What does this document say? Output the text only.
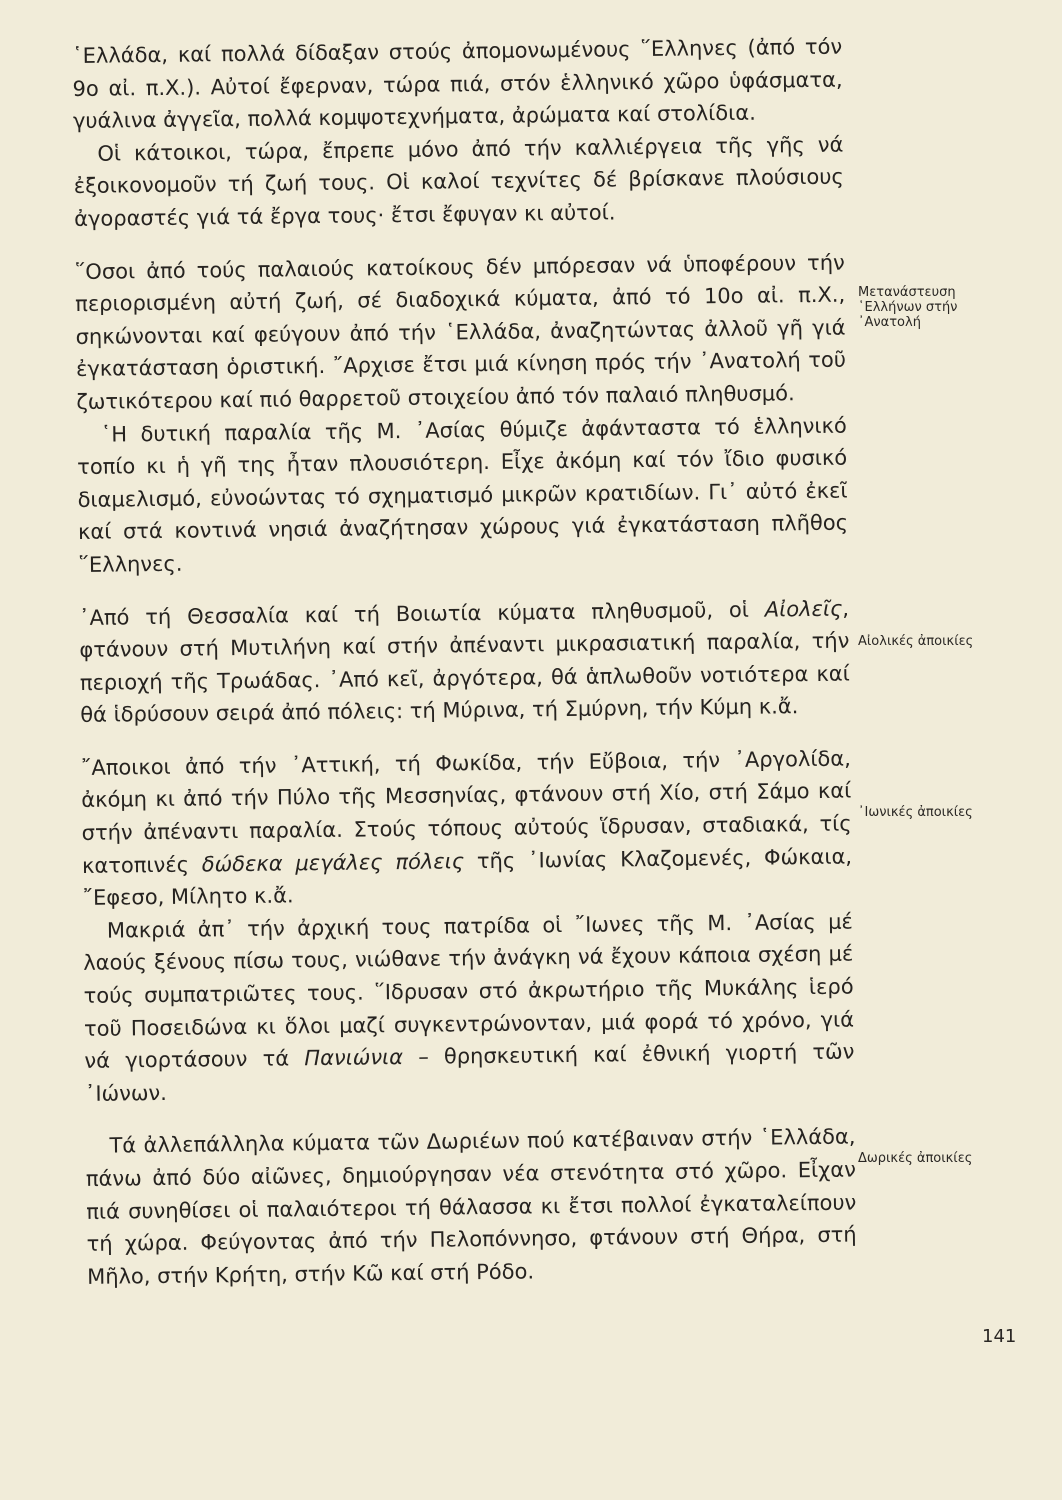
῾Ελλάδα, καί πολλά δίδαξαν στούς ἀπομονωμένους ῞Ελληνες (ἀπό τόν 9ο αἰ. π.Χ.). Αὐτοί ἔφερναν, τώρα πιά, στόν ἑλληνικό χῶρο ὑφάσματα, γυάλινα ἀγγεῖα, πολλά κομψοτεχνήματα, ἀρώματα καί στολίδια.

Οἱ κάτοικοι, τώρα, ἔπρεπε μόνο ἀπό τήν καλλιέργεια τῆς γῆς νά ἐξοικονομοῦν τή ζωή τους. Οἱ καλοί τεχνίτες δέ βρίσκανε πλούσιους ἀγοραστές γιά τά ἔργα τους· ἔτσι ἔφυγαν κι αὐτοί.

῞Οσοι ἀπό τούς παλαιούς κατοίκους δέν μπόρεσαν νά ὑποφέρουν τήν περιορισμένη αὐτή ζωή, σέ διαδοχικά κύματα, ἀπό τό 10ο αἰ. π.Χ., σηκώνονται καί φεύγουν ἀπό τήν ῾Ελλάδα, ἀναζητώντας ἀλλοῦ γῆ γιά ἐγκατάσταση ὁριστική. ῎Αρχισε ἔτσι μιά κίνηση πρός τήν ᾿Ανατολή τοῦ ζωτικότερου καί πιό θαρρετοῦ στοιχείου ἀπό τόν παλαιό πληθυσμό.

῾Η δυτική παραλία τῆς Μ. ᾿Ασίας θύμιζε ἀφάνταστα τό ἑλληνικό τοπίο κι ἡ γῆ της ἦταν πλουσιότερη. Εἶχε ἀκόμη καί τόν ἴδιο φυσικό διαμελισμό, εὐνοώντας τό σχηματισμό μικρῶν κρατιδίων. Γι᾿ αὐτό ἐκεῖ καί στά κοντινά νησιά ἀναζήτησαν χώρους γιά ἐγκατάσταση πλῆθος ῞Ελληνες.

᾿Από τή Θεσσαλία καί τή Βοιωτία κύματα πληθυσμοῦ, οἱ Αἰολεῖς, φτάνουν στή Μυτιλήνη καί στήν ἀπέναντι μικρασιατική παραλία, τήν περιοχή τῆς Τρωάδας. ᾿Από κεῖ, ἀργότερα, θά ἁπλωθοῦν νοτιότερα καί θά ἱδρύσουν σειρά ἀπό πόλεις: τή Μύρινα, τή Σμύρνη, τήν Κύμη κ.ἄ.

῎Αποικοι ἀπό τήν ᾿Αττική, τή Φωκίδα, τήν Εὔβοια, τήν ᾿Αργολίδα, ἀκόμη κι ἀπό τήν Πύλο τῆς Μεσσηνίας, φτάνουν στή Χίο, στή Σάμο καί στήν ἀπέναντι παραλία. Στούς τόπους αὐτούς ἵδρυσαν, σταδιακά, τίς κατοπινές δώδεκα μεγάλες πόλεις τῆς ᾿Ιωνίας Κλαζομενές, Φώκαια, ῎Εφεσο, Μίλητο κ.ἄ.

Μακριά ἀπ᾿ τήν ἀρχική τους πατρίδα οἱ ῎Ιωνες τῆς Μ. ᾿Ασίας μέ λαούς ξένους πίσω τους, νιώθανε τήν ἀνάγκη νά ἔχουν κάποια σχέση μέ τούς συμπατριῶτες τους. ῞Ιδρυσαν στό ἀκρωτήριο τῆς Μυκάλης ἱερό τοῦ Ποσειδώνα κι ὅλοι μαζί συγκεντρώνονταν, μιά φορά τό χρόνο, γιά νά γιορτάσουν τά Πανιώνια – θρησκευτική καί ἐθνική γιορτή τῶν ᾿Ιώνων.

Τά ἀλλεπάλληλα κύματα τῶν Δωριέων πού κατέβαιναν στήν ῾Ελλάδα, πάνω ἀπό δύο αἰῶνες, δημιούργησαν νέα στενότητα στό χῶρο. Εἶχαν πιά συνηθίσει οἱ παλαιότεροι τή θάλασσα κι ἔτσι πολλοί ἐγκαταλείπουν τή χώρα. Φεύγοντας ἀπό τήν Πελοπόννησο, φτάνουν στή Θήρα, στή Μῆλο, στήν Κρήτη, στήν Κῶ καί στή Ρόδο.

Μετανάστευση ῾Ελλήνων στήν ᾿Ανατολή
Αἰολικές ἀποικίες
᾿Ιωνικές ἀποικίες
Δωρικές ἀποικίες
141
